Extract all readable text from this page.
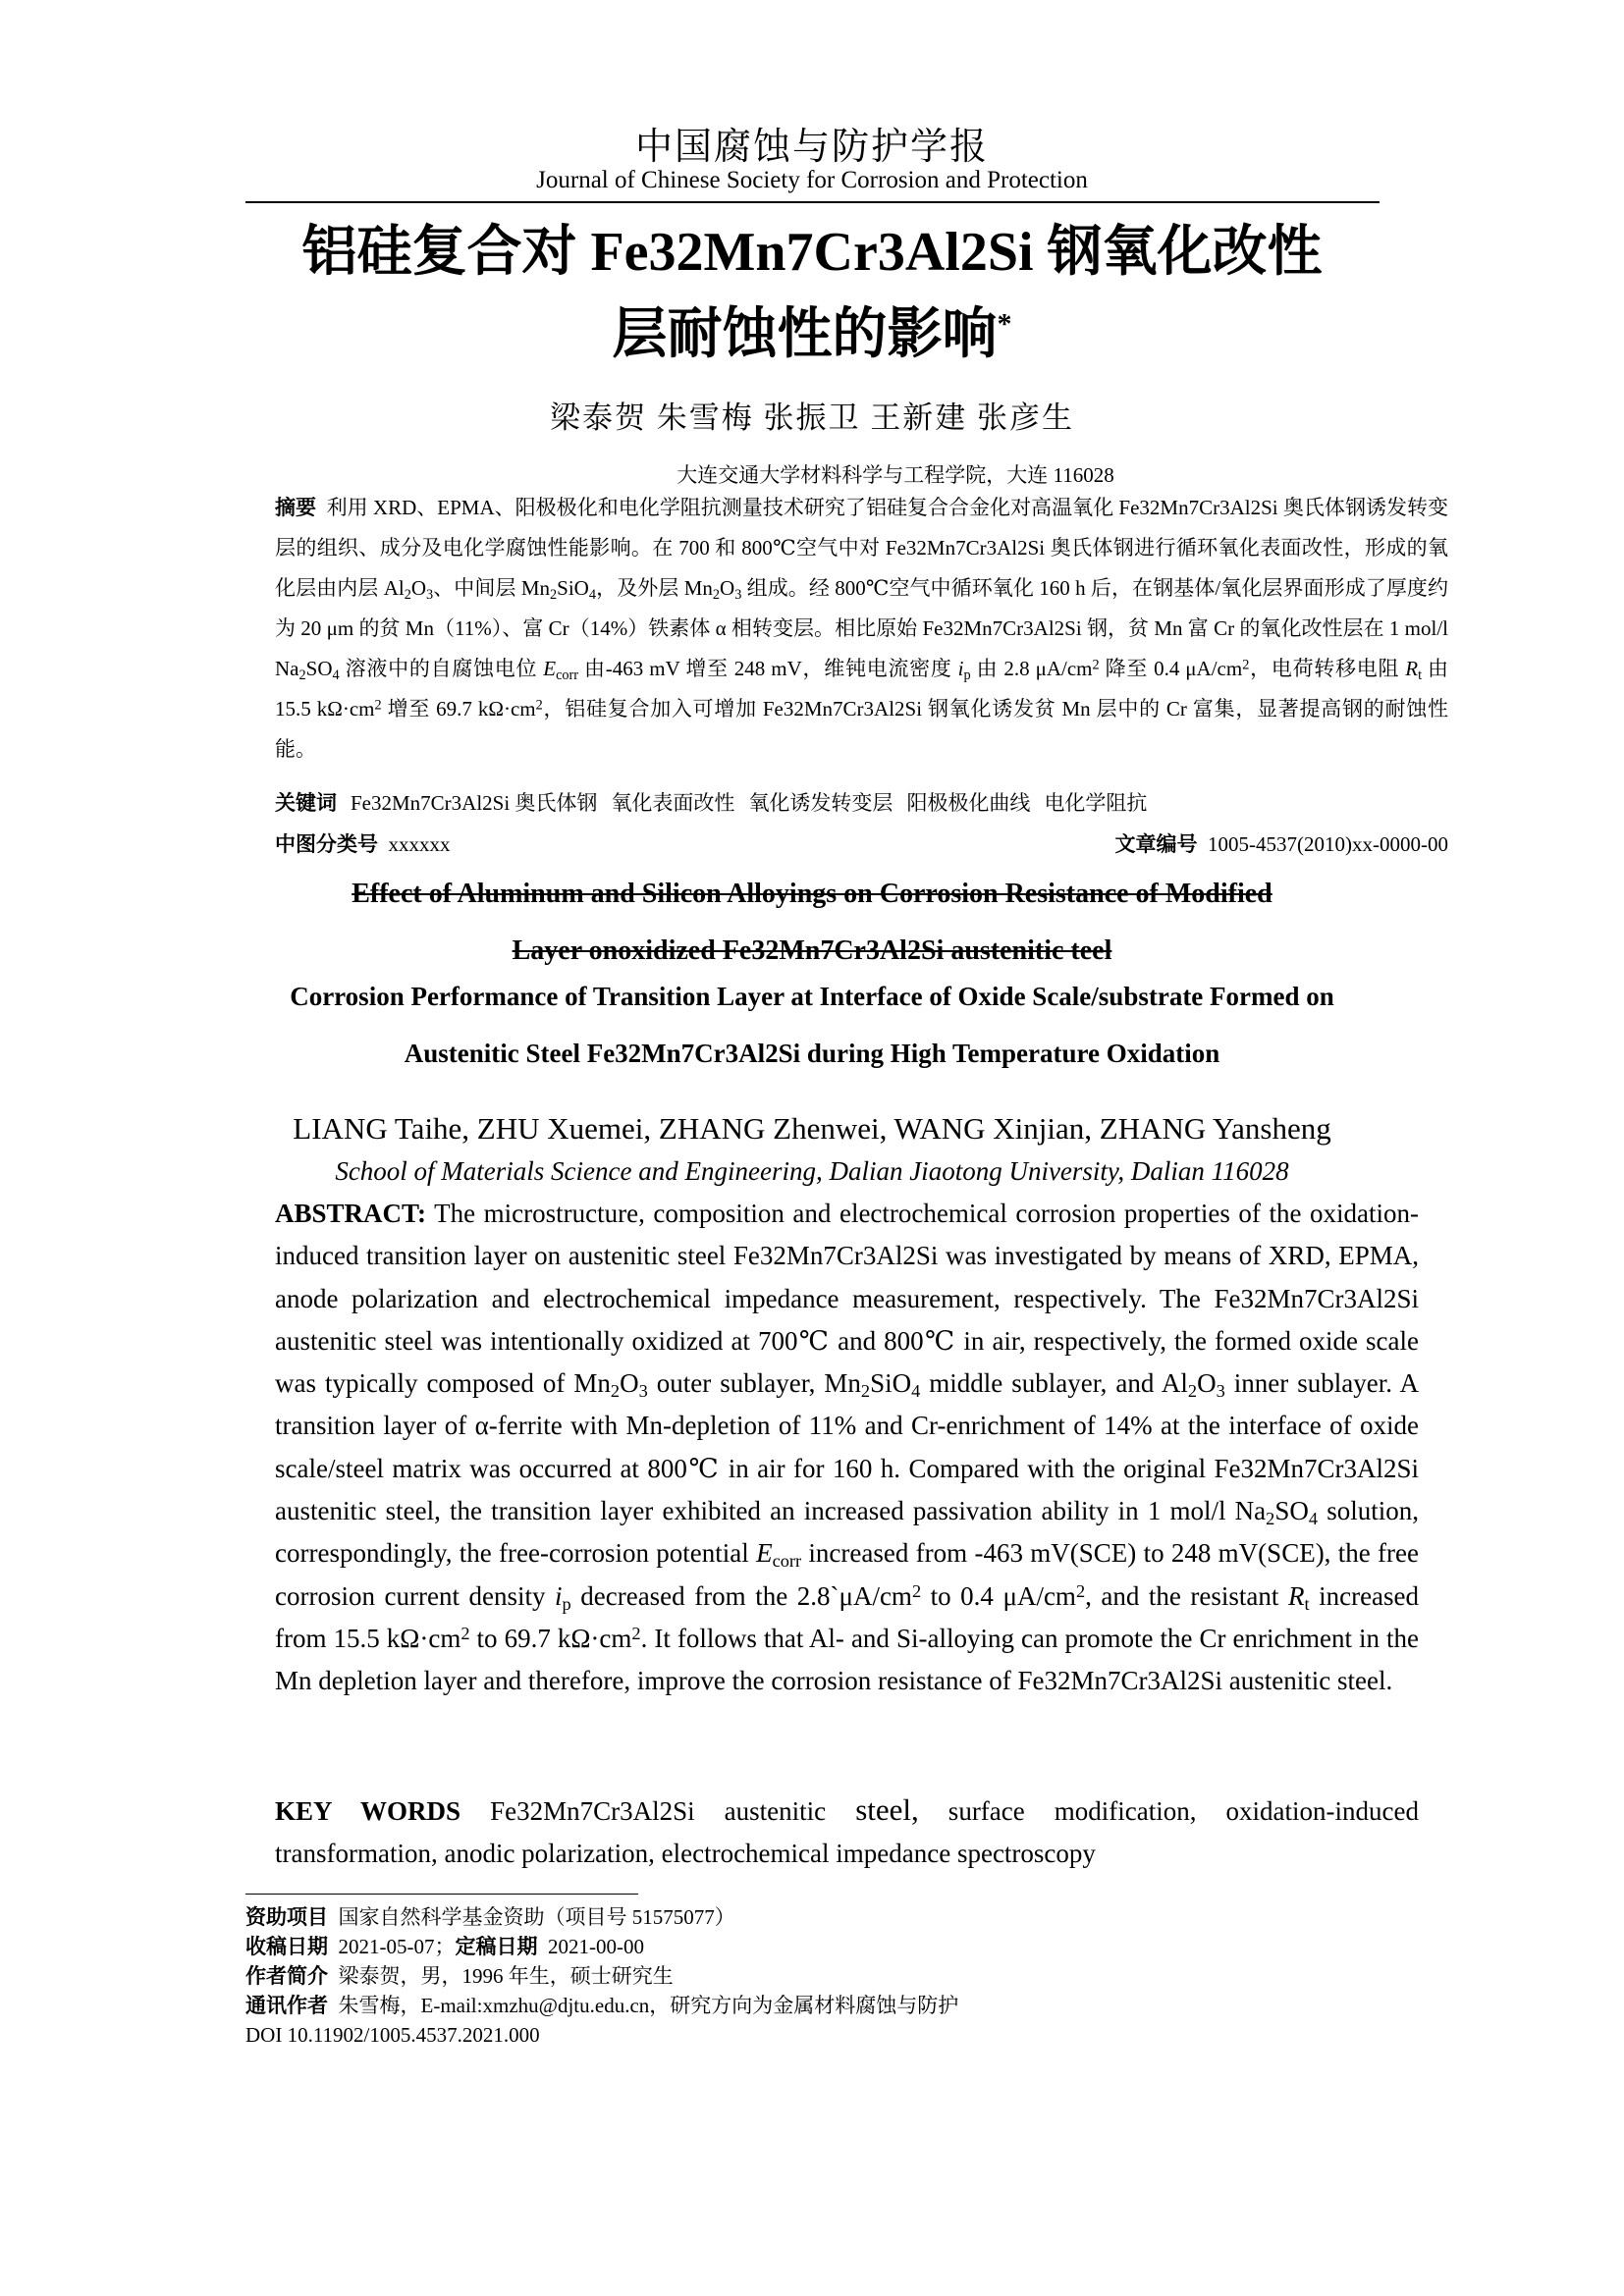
中国腐蚀与防护学报
Journal of Chinese Society for Corrosion and Protection
铝硅复合对 Fe32Mn7Cr3Al2Si 钢氧化改性
层耐蚀性的影响*
梁泰贺 朱雪梅 张振卫 王新建 张彦生
大连交通大学材料科学与工程学院，大连 116028
摘要 利用 XRD、EPMA、阳极极化和电化学阻抗测量技术研究了铝硅复合合金化对高温氧化 Fe32Mn7Cr3Al2Si 奥氏体钢诱发转变层的组织、成分及电化学腐蚀性能影响。在 700 和 800℃空气中对 Fe32Mn7Cr3Al2Si 奥氏体钢进行循环氧化表面改性，形成的氧化层由内层 $Al_2O_3$、中间层 $Mn_2SiO_4$，及外层 $Mn_2O_3$ 组成。经 800℃空气中循环氧化 160 h 后，在钢基体/氧化层界面形成了厚度约为 20 μm 的贫 Mn（11%）、富 Cr（14%）铁素体 α 相转变层。相比原始 Fe32Mn7Cr3Al2Si 钢，贫 Mn 富 Cr 的氧化改性层在 1 mol/l $Na_2SO_4$ 溶液中的自腐蚀电位 $E_{corr}$ 由-463 mV 增至 248 mV，维钝电流密度 $i_p$ 由 2.8 $\mu A/cm^2$ 降至 0.4 $\mu A/cm^2$，电荷转移电阻 $R_t$ 由 15.5 $k\Omega\cdot cm^2$ 增至 69.7 $k\Omega\cdot cm^2$，铝硅复合加入可增加 Fe32Mn7Cr3Al2Si 钢氧化诱发贫 Mn 层中的 Cr 富集，显著提高钢的耐蚀性能。
关键词 Fe32Mn7Cr3Al2Si 奥氏体钢 氧化表面改性 氧化诱发转变层 阳极极化曲线 电化学阻抗
中图分类号 xxxxxx	文章编号 1005-4537(2010)xx-0000-00
Effect of Aluminum and Silicon Alloyings on Corrosion Resistance of Modified
Layer onoxidized Fe32Mn7Cr3Al2Si austenitic teel
Corrosion Performance of Transition Layer at Interface of Oxide Scale/substrate Formed on
Austenitic Steel Fe32Mn7Cr3Al2Si during High Temperature Oxidation
LIANG Taihe, ZHU Xuemei, ZHANG Zhenwei, WANG Xinjian, ZHANG Yansheng
School of Materials Science and Engineering, Dalian Jiaotong University, Dalian 116028
ABSTRACT: The microstructure, composition and electrochemical corrosion properties of the oxidation-induced transition layer on austenitic steel Fe32Mn7Cr3Al2Si was investigated by means of XRD, EPMA, anode polarization and electrochemical impedance measurement, respectively. The Fe32Mn7Cr3Al2Si austenitic steel was intentionally oxidized at 700℃ and 800℃ in air, respectively, the formed oxide scale was typically composed of $Mn_2O_3$ outer sublayer, $Mn_2SiO_4$ middle sublayer, and $Al_2O_3$ inner sublayer. A transition layer of α-ferrite with Mn-depletion of 11% and Cr-enrichment of 14% at the interface of oxide scale/steel matrix was occurred at 800℃ in air for 160 h. Compared with the original Fe32Mn7Cr3Al2Si austenitic steel, the transition layer exhibited an increased passivation ability in 1 mol/l $Na_2SO_4$ solution, correspondingly, the free-corrosion potential $E_{corr}$ increased from -463 mV(SCE) to 248 mV(SCE), the free corrosion current density $i_p$ decreased from the $2.8`\mu A/cm^2$ to 0.4 $\mu A/cm^2$, and the resistant $R_t$ increased from 15.5 $k\Omega\cdot cm^2$ to 69.7 $k\Omega\cdot cm^2$. It follows that Al- and Si-alloying can promote the Cr enrichment in the Mn depletion layer and therefore, improve the corrosion resistance of Fe32Mn7Cr3Al2Si austenitic steel.
KEY WORDS Fe32Mn7Cr3Al2Si austenitic steel, surface modification, oxidation-induced transformation, anodic polarization, electrochemical impedance spectroscopy
资助项目 国家自然科学基金资助（项目号 51575077）
收稿日期 2021-05-07；定稿日期 2021-00-00
作者简介 梁泰贺，男，1996 年生，硕士研究生
通讯作者 朱雪梅，E-mail:xmzhu@djtu.edu.cn，研究方向为金属材料腐蚀与防护
DOI 10.11902/1005.4537.2021.000
